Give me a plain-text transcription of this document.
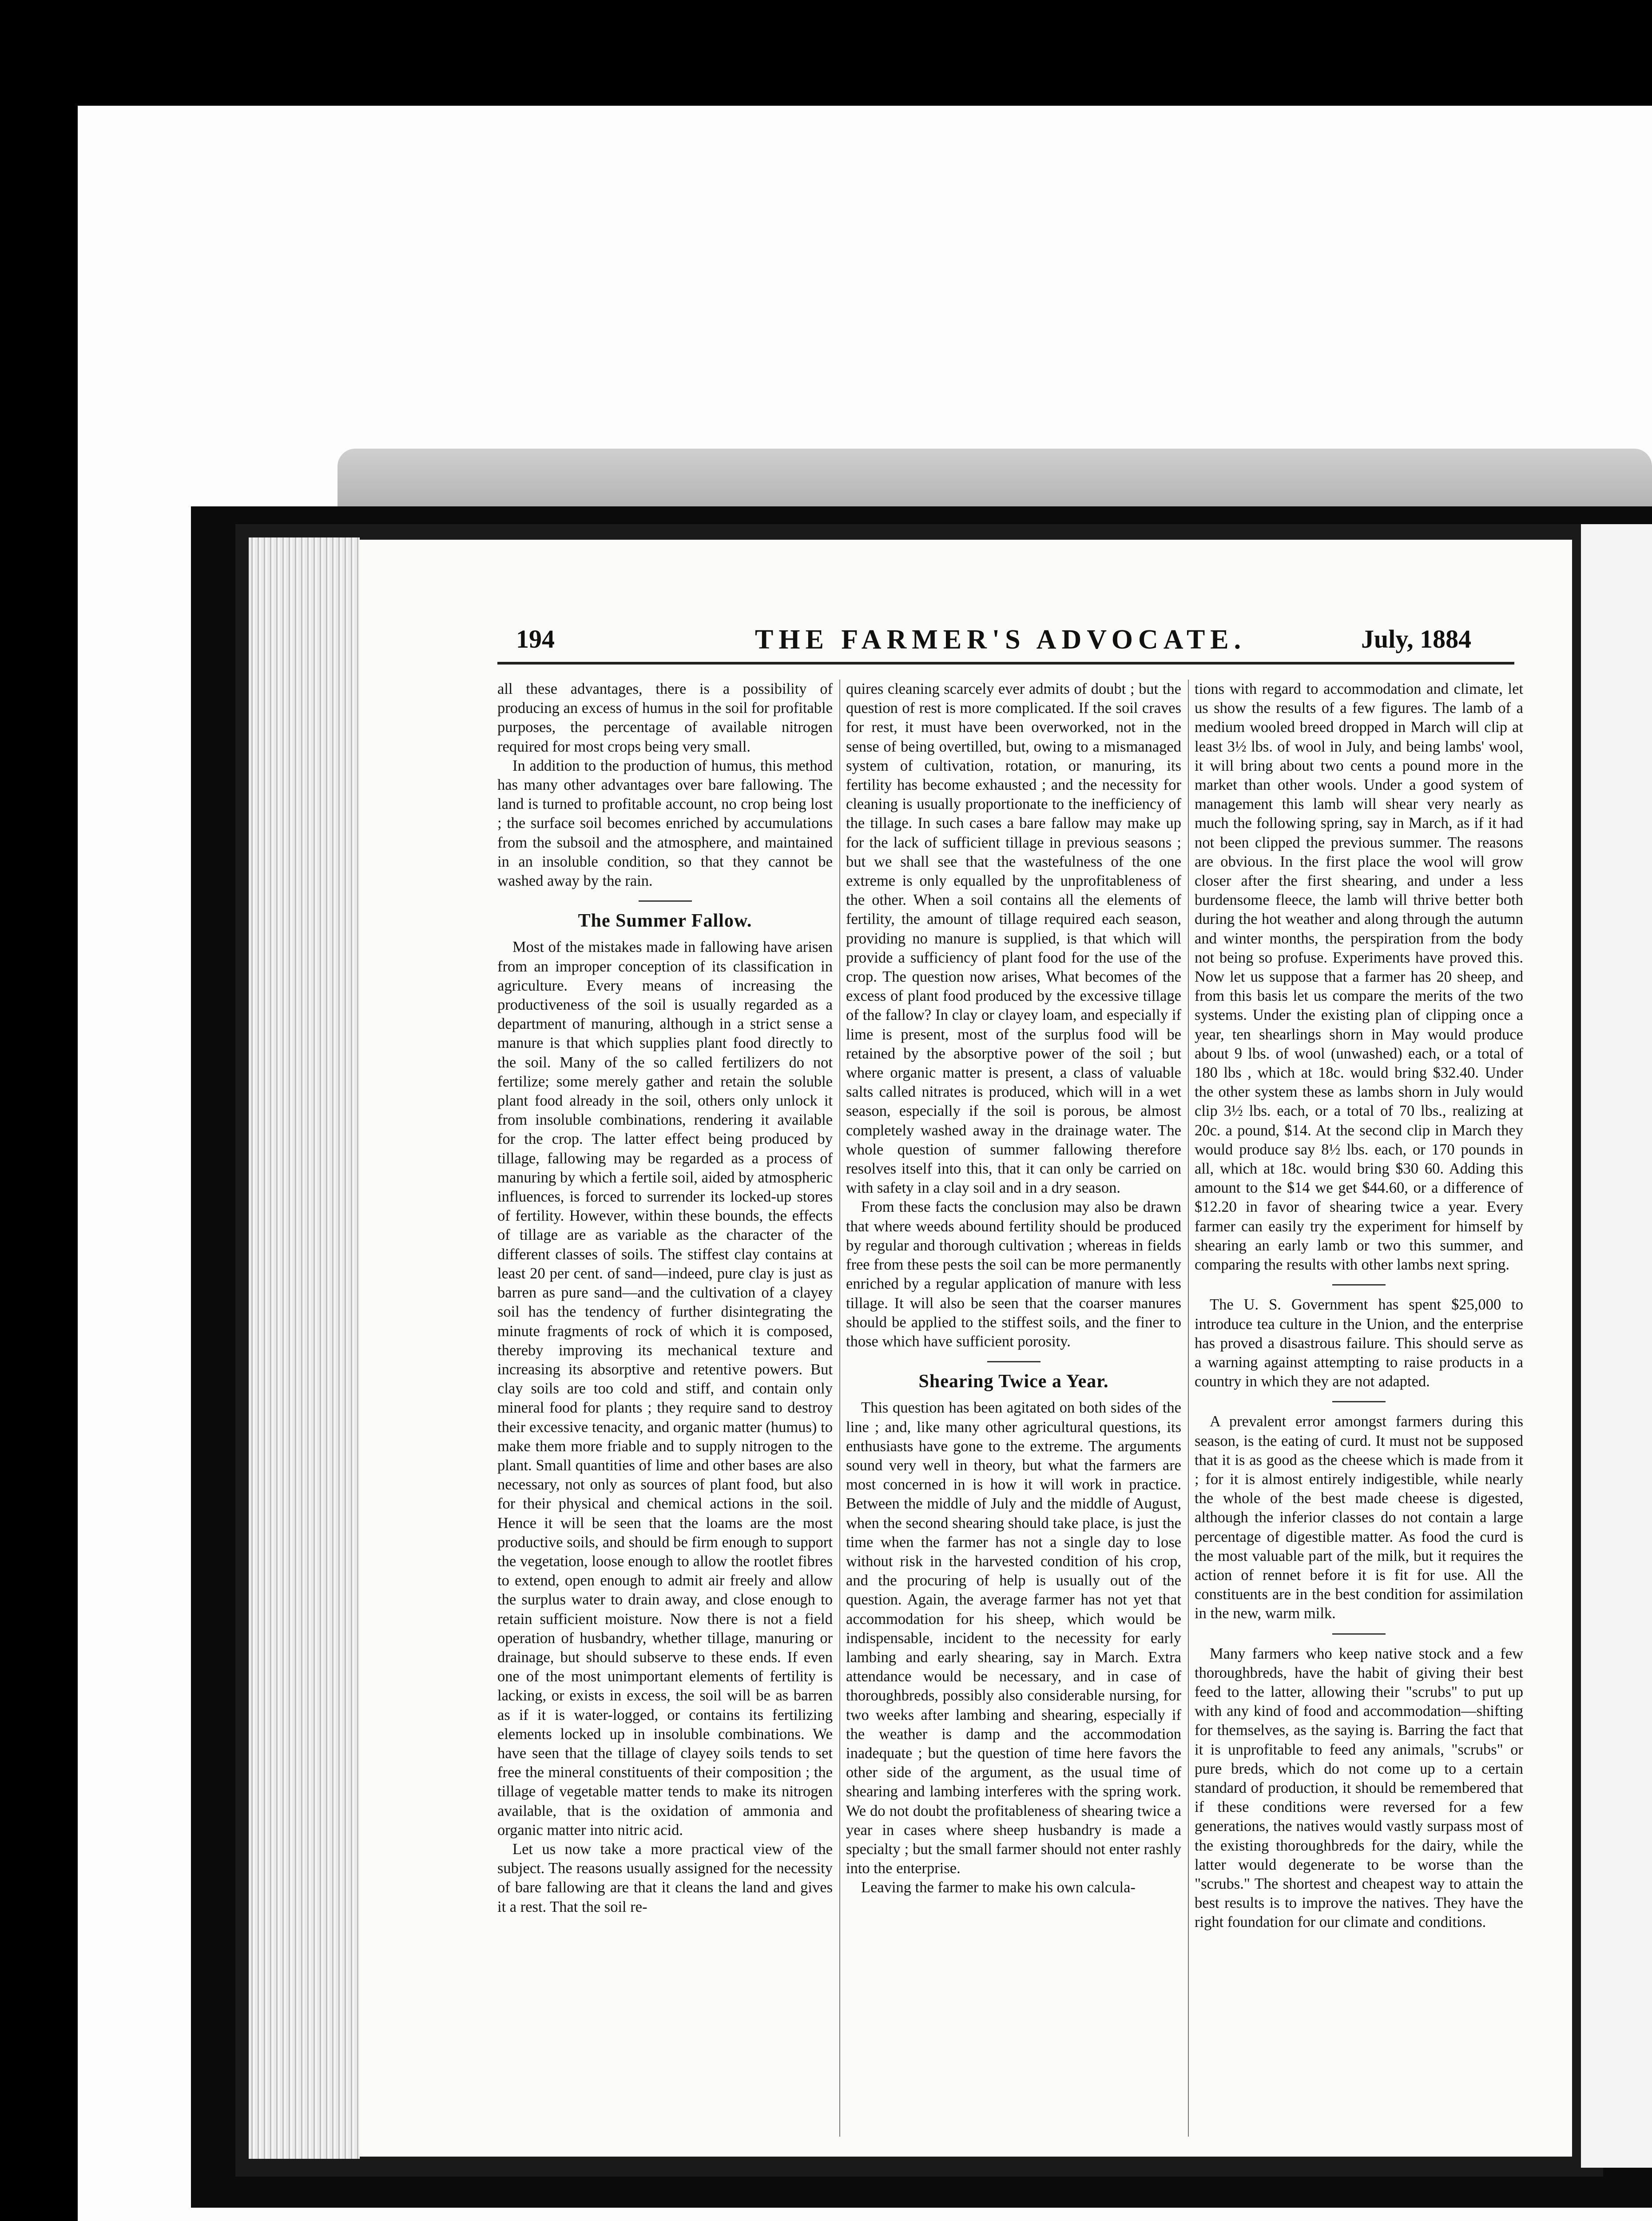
194	THE FARMER'S ADVOCATE.	July, 1884

all these advantages, there is a possibility of producing an excess of humus in the soil for profitable purposes, the percentage of available nitrogen required for most crops being very small.

In addition to the production of humus, this method has many other advantages over bare fallowing. The land is turned to profitable account, no crop being lost ; the surface soil becomes enriched by accumulations from the subsoil and the atmosphere, and maintained in an insoluble condition, so that they cannot be washed away by the rain.

The Summer Fallow.

Most of the mistakes made in fallowing have arisen from an improper conception of its classification in agriculture. Every means of increasing the productiveness of the soil is usually regarded as a department of manuring, although in a strict sense a manure is that which supplies plant food directly to the soil. Many of the so called fertilizers do not fertilize; some merely gather and retain the soluble plant food already in the soil, others only unlock it from insoluble combinations, rendering it available for the crop. The latter effect being produced by tillage, fallowing may be regarded as a process of manuring by which a fertile soil, aided by atmospheric influences, is forced to surrender its locked-up stores of fertility. However, within these bounds, the effects of tillage are as variable as the character of the different classes of soils. The stiffest clay contains at least 20 per cent. of sand—indeed, pure clay is just as barren as pure sand—and the cultivation of a clayey soil has the tendency of further disintegrating the minute fragments of rock of which it is composed, thereby improving its mechanical texture and increasing its absorptive and retentive powers. But clay soils are too cold and stiff, and contain only mineral food for plants ; they require sand to destroy their excessive tenacity, and organic matter (humus) to make them more friable and to supply nitrogen to the plant. Small quantities of lime and other bases are also necessary, not only as sources of plant food, but also for their physical and chemical actions in the soil. Hence it will be seen that the loams are the most productive soils, and should be firm enough to support the vegetation, loose enough to allow the rootlet fibres to extend, open enough to admit air freely and allow the surplus water to drain away, and close enough to retain sufficient moisture. Now there is not a field operation of husbandry, whether tillage, manuring or drainage, but should subserve to these ends. If even one of the most unimportant elements of fertility is lacking, or exists in excess, the soil will be as barren as if it is water-logged, or contains its fertilizing elements locked up in insoluble combinations. We have seen that the tillage of clayey soils tends to set free the mineral constituents of their composition ; the tillage of vegetable matter tends to make its nitrogen available, that is the oxidation of ammonia and organic matter into nitric acid.

Let us now take a more practical view of the subject. The reasons usually assigned for the necessity of bare fallowing are that it cleans the land and gives it a rest. That the soil re-

quires cleaning scarcely ever admits of doubt ; but the question of rest is more complicated. If the soil craves for rest, it must have been overworked, not in the sense of being overtilled, but, owing to a mismanaged system of cultivation, rotation, or manuring, its fertility has become exhausted ; and the necessity for cleaning is usually proportionate to the inefficiency of the tillage. In such cases a bare fallow may make up for the lack of sufficient tillage in previous seasons ; but we shall see that the wastefulness of the one extreme is only equalled by the unprofitableness of the other. When a soil contains all the elements of fertility, the amount of tillage required each season, providing no manure is supplied, is that which will provide a sufficiency of plant food for the use of the crop. The question now arises, What becomes of the excess of plant food produced by the excessive tillage of the fallow? In clay or clayey loam, and especially if lime is present, most of the surplus food will be retained by the absorptive power of the soil ; but where organic matter is present, a class of valuable salts called nitrates is produced, which will in a wet season, especially if the soil is porous, be almost completely washed away in the drainage water. The whole question of summer fallowing therefore resolves itself into this, that it can only be carried on with safety in a clay soil and in a dry season.

From these facts the conclusion may also be drawn that where weeds abound fertility should be produced by regular and thorough cultivation ; whereas in fields free from these pests the soil can be more permanently enriched by a regular application of manure with less tillage. It will also be seen that the coarser manures should be applied to the stiffest soils, and the finer to those which have sufficient porosity.

Shearing Twice a Year.

This question has been agitated on both sides of the line ; and, like many other agricultural questions, its enthusiasts have gone to the extreme. The arguments sound very well in theory, but what the farmers are most concerned in is how it will work in practice. Between the middle of July and the middle of August, when the second shearing should take place, is just the time when the farmer has not a single day to lose without risk in the harvested condition of his crop, and the procuring of help is usually out of the question. Again, the average farmer has not yet that accommodation for his sheep, which would be indispensable, incident to the necessity for early lambing and early shearing, say in March. Extra attendance would be necessary, and in case of thoroughbreds, possibly also considerable nursing, for two weeks after lambing and shearing, especially if the weather is damp and the accommodation inadequate ; but the question of time here favors the other side of the argument, as the usual time of shearing and lambing interferes with the spring work. We do not doubt the profitableness of shearing twice a year in cases where sheep husbandry is made a specialty ; but the small farmer should not enter rashly into the enterprise.

Leaving the farmer to make his own calcula-

tions with regard to accommodation and climate, let us show the results of a few figures. The lamb of a medium wooled breed dropped in March will clip at least 3½ lbs. of wool in July, and being lambs' wool, it will bring about two cents a pound more in the market than other wools. Under a good system of management this lamb will shear very nearly as much the following spring, say in March, as if it had not been clipped the previous summer. The reasons are obvious. In the first place the wool will grow closer after the first shearing, and under a less burdensome fleece, the lamb will thrive better both during the hot weather and along through the autumn and winter months, the perspiration from the body not being so profuse. Experiments have proved this. Now let us suppose that a farmer has 20 sheep, and from this basis let us compare the merits of the two systems. Under the existing plan of clipping once a year, ten shearlings shorn in May would produce about 9 lbs. of wool (unwashed) each, or a total of 180 lbs , which at 18c. would bring $32.40. Under the other system these as lambs shorn in July would clip 3½ lbs. each, or a total of 70 lbs., realizing at 20c. a pound, $14. At the second clip in March they would produce say 8½ lbs. each, or 170 pounds in all, which at 18c. would bring $30 60. Adding this amount to the $14 we get $44.60, or a difference of $12.20 in favor of shearing twice a year. Every farmer can easily try the experiment for himself by shearing an early lamb or two this summer, and comparing the results with other lambs next spring.

The U. S. Government has spent $25,000 to introduce tea culture in the Union, and the enterprise has proved a disastrous failure. This should serve as a warning against attempting to raise products in a country in which they are not adapted.

A prevalent error amongst farmers during this season, is the eating of curd. It must not be supposed that it is as good as the cheese which is made from it ; for it is almost entirely indigestible, while nearly the whole of the best made cheese is digested, although the inferior classes do not contain a large percentage of digestible matter. As food the curd is the most valuable part of the milk, but it requires the action of rennet before it is fit for use. All the constituents are in the best condition for assimilation in the new, warm milk.

Many farmers who keep native stock and a few thoroughbreds, have the habit of giving their best feed to the latter, allowing their "scrubs" to put up with any kind of food and accommodation—shifting for themselves, as the saying is. Barring the fact that it is unprofitable to feed any animals, "scrubs" or pure breds, which do not come up to a certain standard of production, it should be remembered that if these conditions were reversed for a few generations, the natives would vastly surpass most of the existing thoroughbreds for the dairy, while the latter would degenerate to be worse than the "scrubs." The shortest and cheapest way to attain the best results is to improve the natives. They have the right foundation for our climate and conditions.
